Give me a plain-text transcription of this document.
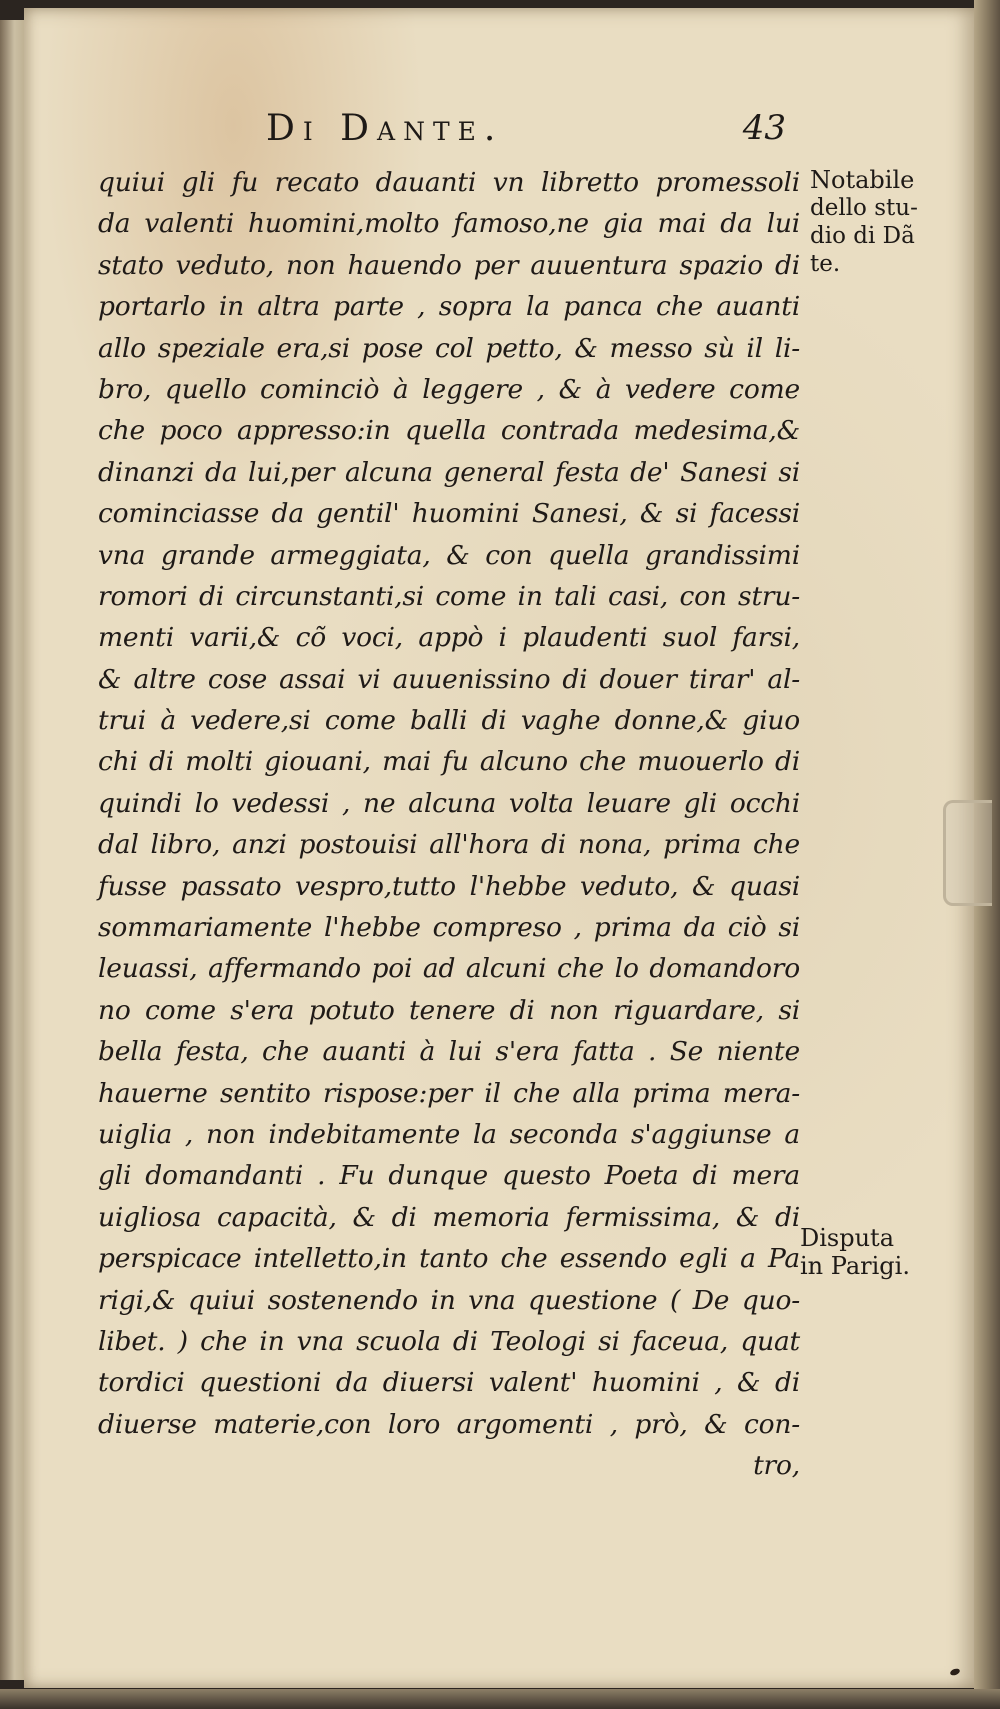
Di Dante.	43
quiui gli fu recato dauanti vn libretto promessoli
da valenti huomini,molto famoso,ne gia mai da lui
stato veduto, non hauendo per auuentura spazio di
portarlo in altra parte , sopra la panca che auanti
allo speziale era,si pose col petto, & messo sù il li-
bro, quello cominciò à leggere , & à vedere come
che poco appresso:in quella contrada medesima,&
dinanzi da lui,per alcuna general festa de' Sanesi si
cominciasse da gentil' huomini Sanesi, & si facessi
vna grande armeggiata, & con quella grandissimi
romori di circunstanti,si come in tali casi, con stru-
menti varii,& cõ voci, appò i plaudenti suol farsi,
& altre cose assai vi auuenissino di douer tirar' al-
trui à vedere,si come balli di vaghe donne,& giuo
chi di molti giouani, mai fu alcuno che muouerlo di
quindi lo vedessi , ne alcuna volta leuare gli occhi
dal libro, anzi postouisi all'hora di nona, prima che
fusse passato vespro,tutto l'hebbe veduto, & quasi
sommariamente l'hebbe compreso , prima da ciò si
leuassi, affermando poi ad alcuni che lo domandoro
no come s'era potuto tenere di non riguardare, si
bella festa, che auanti à lui s'era fatta . Se niente
hauerne sentito rispose:per il che alla prima mera-
uiglia , non indebitamente la seconda s'aggiunse a
gli domandanti . Fu dunque questo Poeta di mera
uigliosa capacità, & di memoria fermissima, & di
perspicace intelletto,in tanto che essendo egli a Pa
rigi,& quiui sostenendo in vna questione ( De quo-
libet. ) che in vna scuola di Teologi si faceua, quat
tordici questioni da diuersi valent' huomini , & di
diuerse materie,con loro argomenti , prò, & con-
tro,
Notabile
dello stu-
dio di Dã
te.
Disputa
in Parigi.
